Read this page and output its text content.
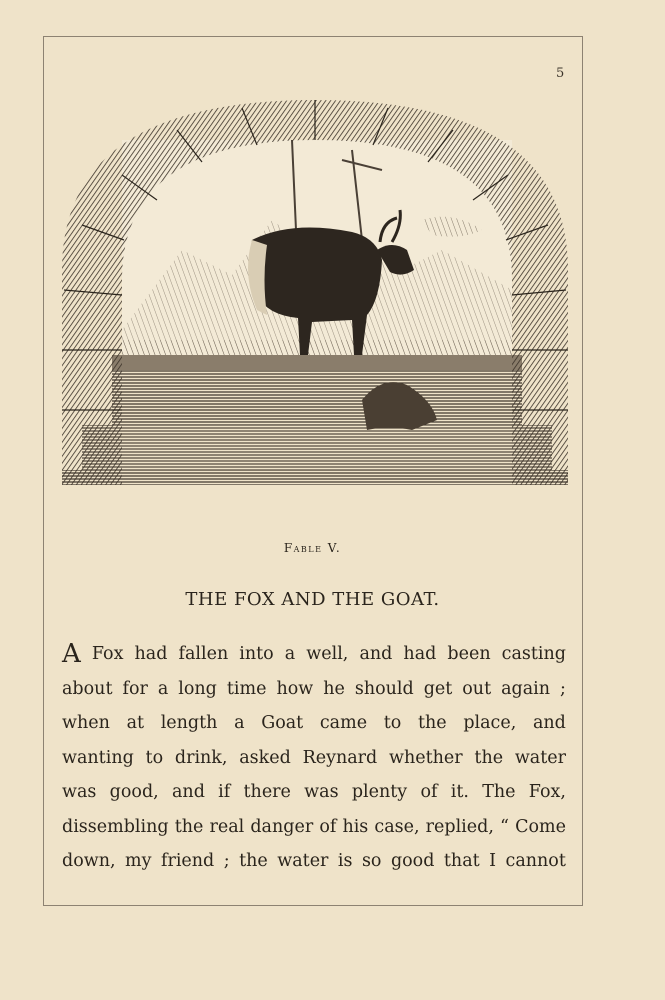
5
Fable V.
THE FOX AND THE GOAT.
A Fox had fallen into a well, and had been casting
about for a long time how he should get out again ;
when at length a Goat came to the place, and
wanting to drink, asked Reynard whether the water
was good, and if there was plenty of it. The Fox,
dissembling the real danger of his case, replied, “ Come
down, my friend ; the water is so good that I cannot
